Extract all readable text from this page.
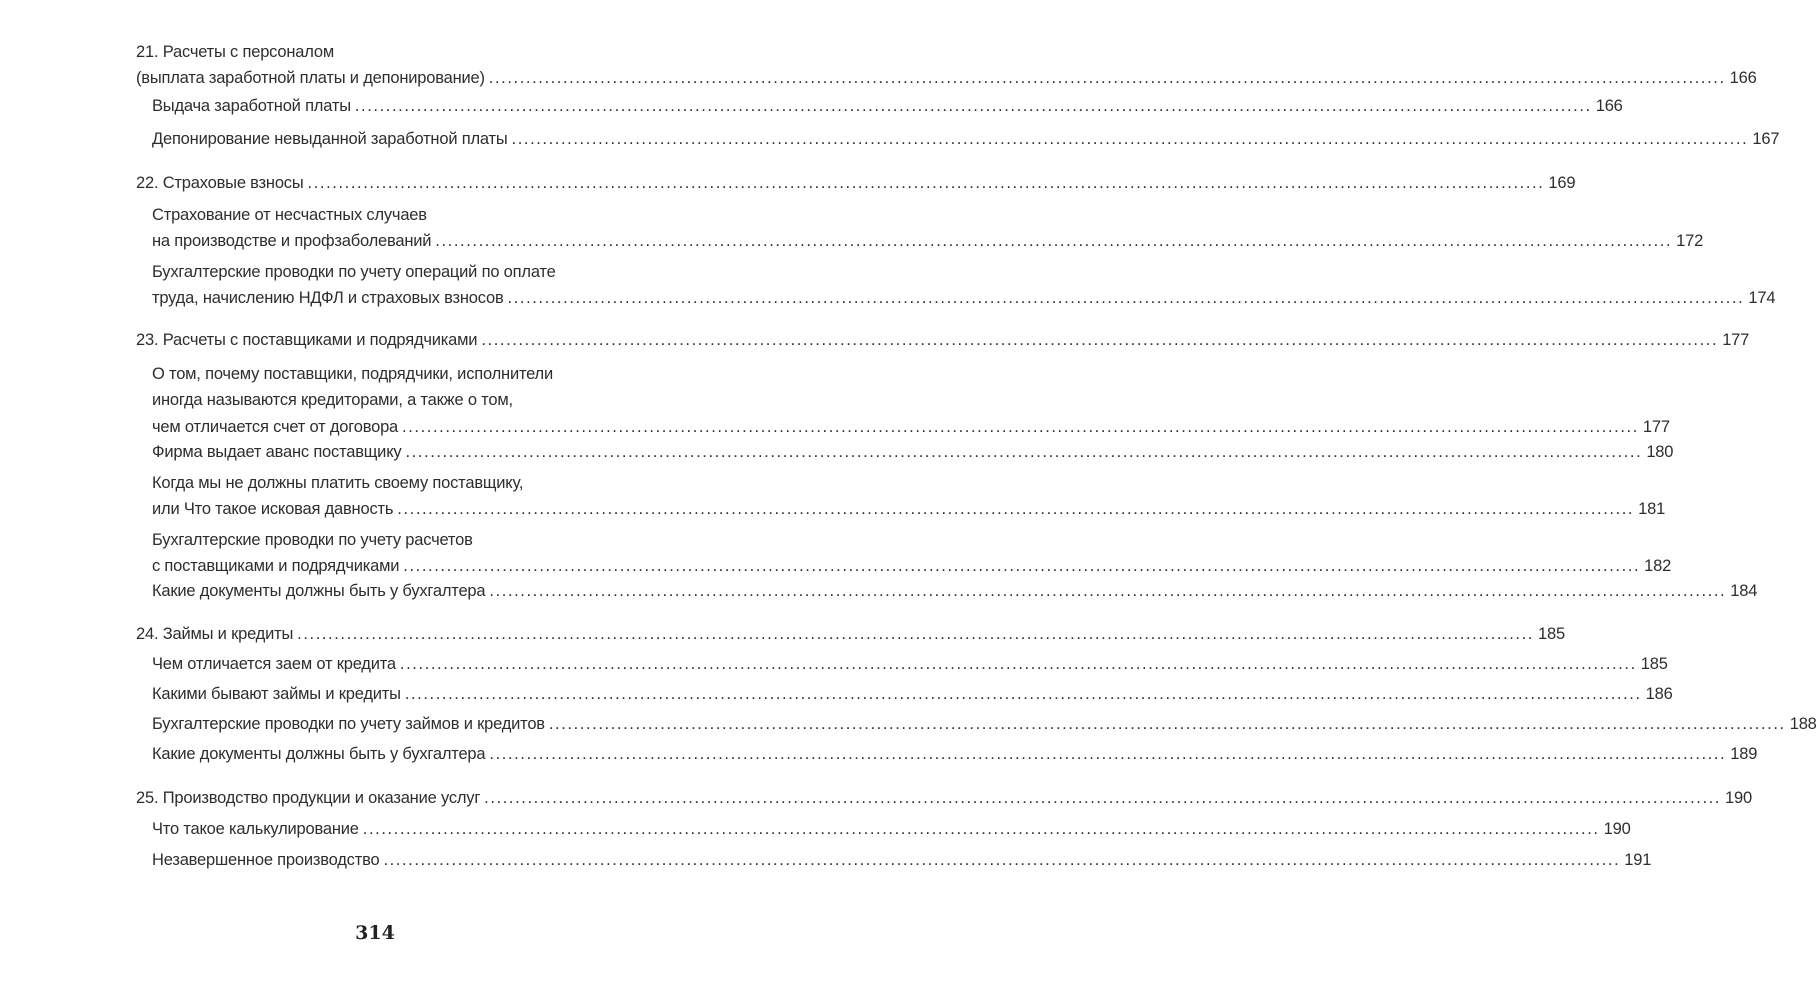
21. Расчеты с персоналом
(выплата заработной платы и депонирование) ........................................................................................................................................................................................................ 166
Выдача заработной платы ........................................................................................................................................................................................................ 166
Депонирование невыданной заработной платы ........................................................................................................................................................................................................ 167
22. Страховые взносы ........................................................................................................................................................................................................ 169
Страхование от несчастных случаев
на производстве и профзаболеваний ........................................................................................................................................................................................................ 172
Бухгалтерские проводки по учету операций по оплате
труда, начислению НДФЛ и страховых взносов ........................................................................................................................................................................................................ 174
23. Расчеты с поставщиками и подрядчиками ........................................................................................................................................................................................................ 177
О том, почему поставщики, подрядчики, исполнители
иногда называются кредиторами, а также о том,
чем отличается счет от договора ........................................................................................................................................................................................................ 177
Фирма выдает аванс поставщику ........................................................................................................................................................................................................ 180
Когда мы не должны платить своему поставщику,
или Что такое исковая давность ........................................................................................................................................................................................................ 181
Бухгалтерские проводки по учету расчетов
с поставщиками и подрядчиками ........................................................................................................................................................................................................ 182
Какие документы должны быть у бухгалтера ........................................................................................................................................................................................................ 184
24. Займы и кредиты ........................................................................................................................................................................................................ 185
Чем отличается заем от кредита ........................................................................................................................................................................................................ 185
Какими бывают займы и кредиты ........................................................................................................................................................................................................ 186
Бухгалтерские проводки по учету займов и кредитов ........................................................................................................................................................................................................ 188
Какие документы должны быть у бухгалтера ........................................................................................................................................................................................................ 189
25. Производство продукции и оказание услуг ........................................................................................................................................................................................................ 190
Что такое калькулирование ........................................................................................................................................................................................................ 190
Незавершенное производство ........................................................................................................................................................................................................ 191
314
